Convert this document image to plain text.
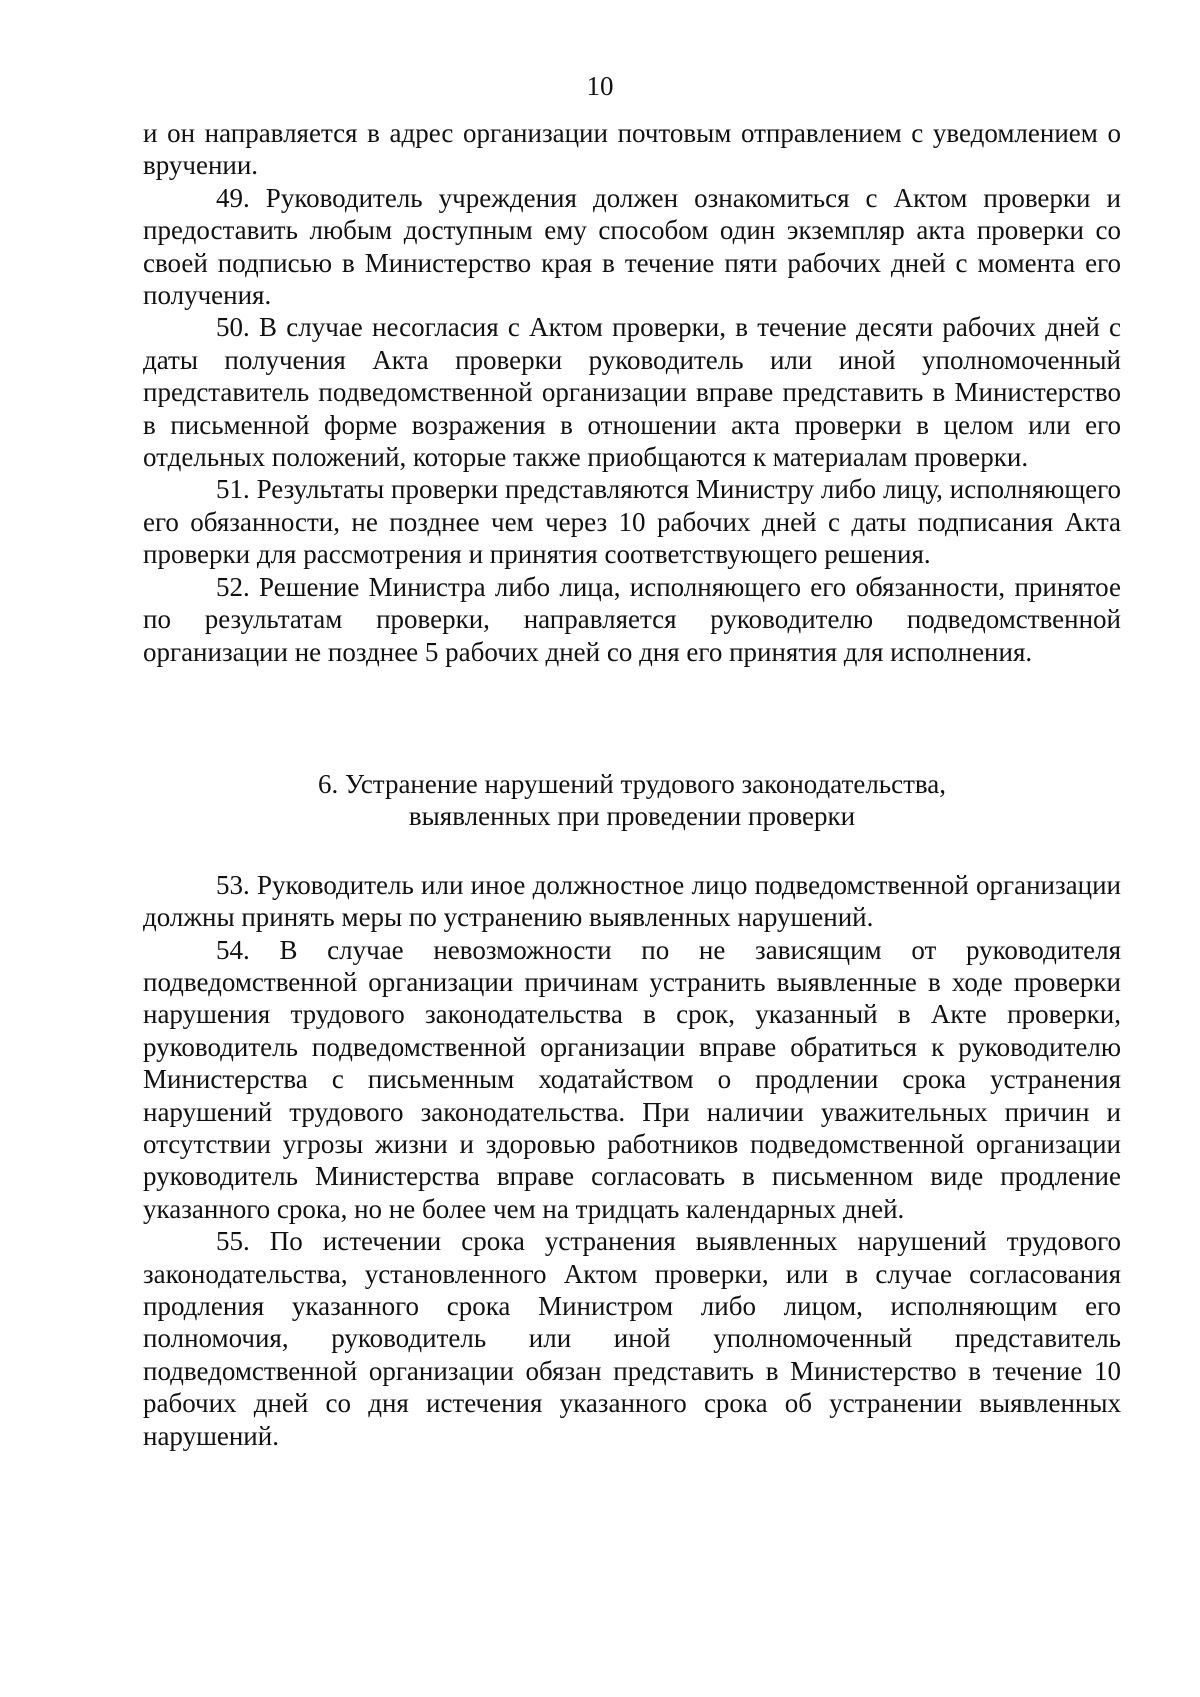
10

и он направляется в адрес организации почтовым отправлением с уведомлением о вручении.

49. Руководитель учреждения должен ознакомиться с Актом проверки и предоставить любым доступным ему способом один экземпляр акта проверки со своей подписью в Министерство края в течение пяти рабочих дней с момента его получения.

50. В случае несогласия с Актом проверки, в течение десяти рабочих дней с даты получения Акта проверки руководитель или иной уполномоченный представитель подведомственной организации вправе представить в Министерство в письменной форме возражения в отношении акта проверки в целом или его отдельных положений, которые также приобщаются к материалам проверки.

51. Результаты проверки представляются Министру либо лицу, исполняющего его обязанности, не позднее чем через 10 рабочих дней с даты подписания Акта проверки для рассмотрения и принятия соответствующего решения.

52. Решение Министра либо лица, исполняющего его обязанности, принятое по результатам проверки, направляется руководителю подведомственной организации не позднее 5 рабочих дней со дня его принятия для исполнения.

6. Устранение нарушений трудового законодательства,
выявленных при проведении проверки

53. Руководитель или иное должностное лицо подведомственной организации должны принять меры по устранению выявленных нарушений.

54. В случае невозможности по не зависящим от руководителя подведомственной организации причинам устранить выявленные в ходе проверки нарушения трудового законодательства в срок, указанный в Акте проверки, руководитель подведомственной организации вправе обратиться к руководителю Министерства с письменным ходатайством о продлении срока устранения нарушений трудового законодательства. При наличии уважительных причин и отсутствии угрозы жизни и здоровью работников подведомственной организации руководитель Министерства вправе согласовать в письменном виде продление указанного срока, но не более чем на тридцать календарных дней.

55. По истечении срока устранения выявленных нарушений трудового законодательства, установленного Актом проверки, или в случае согласования продления указанного срока Министром либо лицом, исполняющим его полномочия, руководитель или иной уполномоченный представитель подведомственной организации обязан представить в Министерство в течение 10 рабочих дней со дня истечения указанного срока об устранении выявленных нарушений.
